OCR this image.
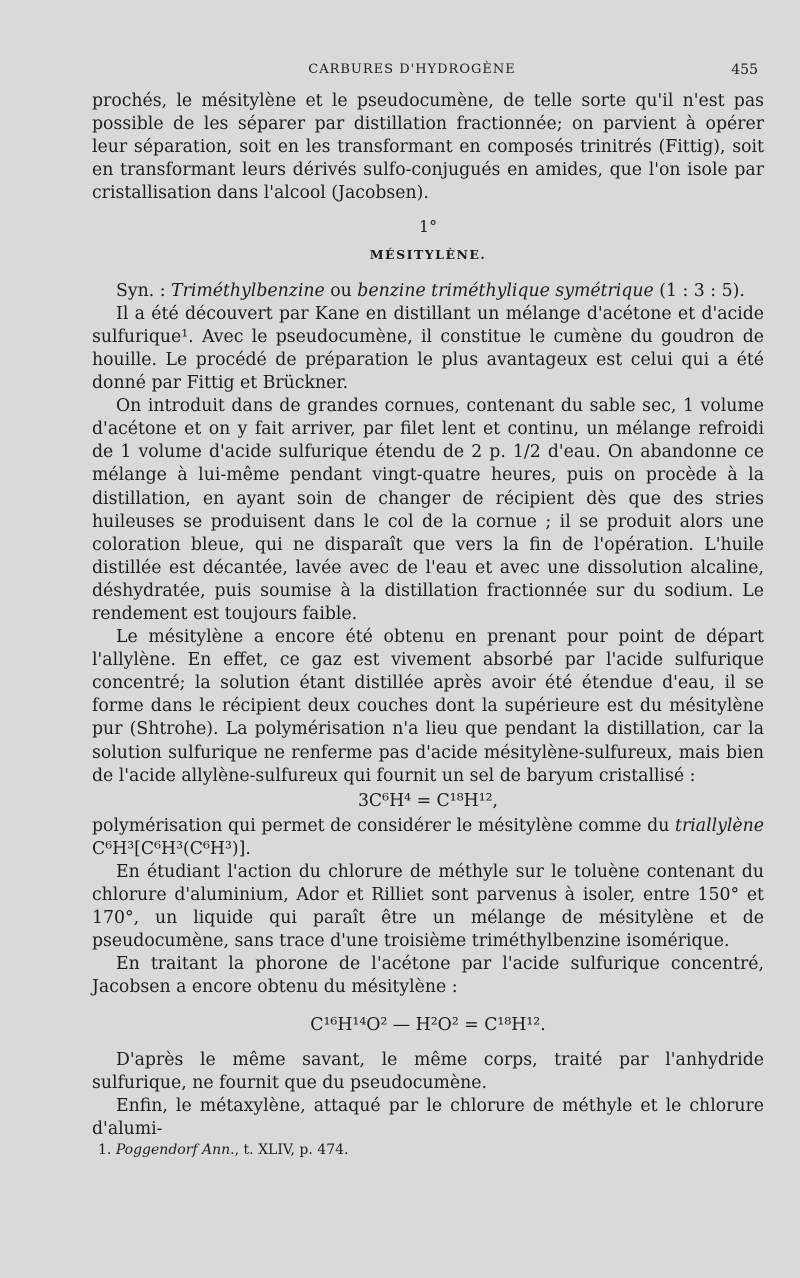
CARBURES D'HYDROGÈNE	455

prochés, le mésitylène et le pseudocumène, de telle sorte qu'il n'est pas possible de les séparer par distillation fractionnée; on parvient à opérer leur séparation, soit en les transformant en composés trinitrés (Fittig), soit en transformant leurs dérivés sulfo-conjugués en amides, que l'on isole par cristallisation dans l'alcool (Jacobsen).

1°
MÉSITYLÈNE.

Syn. : Triméthylbenzine ou benzine triméthylique symétrique (1 : 3 : 5).

Il a été découvert par Kane en distillant un mélange d'acétone et d'acide sulfurique¹. Avec le pseudocumène, il constitue le cumène du goudron de houille. Le procédé de préparation le plus avantageux est celui qui a été donné par Fittig et Brückner.

On introduit dans de grandes cornues, contenant du sable sec, 1 volume d'acétone et on y fait arriver, par filet lent et continu, un mélange refroidi de 1 volume d'acide sulfurique étendu de 2 p. 1/2 d'eau. On abandonne ce mélange à lui-même pendant vingt-quatre heures, puis on procède à la distillation, en ayant soin de changer de récipient dès que des stries huileuses se produisent dans le col de la cornue ; il se produit alors une coloration bleue, qui ne disparaît que vers la fin de l'opération. L'huile distillée est décantée, lavée avec de l'eau et avec une dissolution alcaline, déshydratée, puis soumise à la distillation fractionnée sur du sodium. Le rendement est toujours faible.

Le mésitylène a encore été obtenu en prenant pour point de départ l'allylène. En effet, ce gaz est vivement absorbé par l'acide sulfurique concentré; la solution étant distillée après avoir été étendue d'eau, il se forme dans le récipient deux couches dont la supérieure est du mésitylène pur (Shtrohe). La polymérisation n'a lieu que pendant la distillation, car la solution sulfurique ne renferme pas d'acide mésitylène-sulfureux, mais bien de l'acide allylène-sulfureux qui fournit un sel de baryum cristallisé :

3C⁶H⁴ = C¹⁸H¹²,

polymérisation qui permet de considérer le mésitylène comme du triallylène C⁶H³[C⁶H³(C⁶H³)].

En étudiant l'action du chlorure de méthyle sur le toluène contenant du chlorure d'aluminium, Ador et Rilliet sont parvenus à isoler, entre 150° et 170°, un liquide qui paraît être un mélange de mésitylène et de pseudocumène, sans trace d'une troisième triméthylbenzine isomérique.

En traitant la phorone de l'acétone par l'acide sulfurique concentré, Jacobsen a encore obtenu du mésitylène :

C¹⁶H¹⁴O² — H²O² = C¹⁸H¹².

D'après le même savant, le même corps, traité par l'anhydride sulfurique, ne fournit que du pseudocumène.

Enfin, le métaxylène, attaqué par le chlorure de méthyle et le chlorure d'alumi-

1. Poggendorf Ann., t. XLIV, p. 474.
